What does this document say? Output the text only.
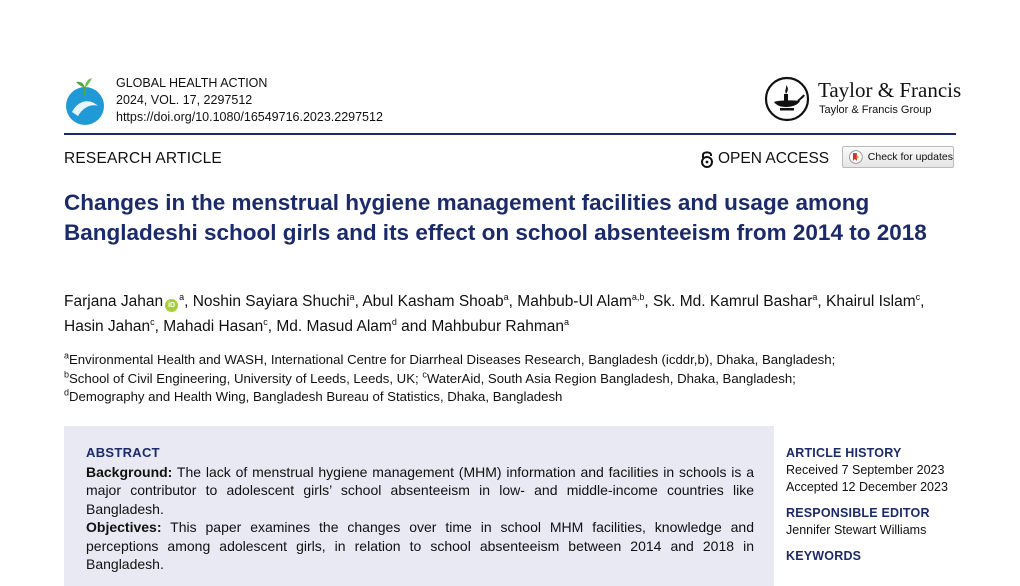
GLOBAL HEALTH ACTION
2024, VOL. 17, 2297512
https://doi.org/10.1080/16549716.2023.2297512
Taylor & Francis
Taylor & Francis Group
RESEARCH ARTICLE	OPEN ACCESS	Check for updates
Changes in the menstrual hygiene management facilities and usage among Bangladeshi school girls and its effect on school absenteeism from 2014 to 2018
Farjana Jahan $iD^a$, Noshin Sayiara Shuchi$^a$, Abul Kasham Shoab$^a$, Mahbub-Ul Alam$^{a,b}$, Sk. Md. Kamrul Bashar$^a$, Khairul Islam$^c$, Hasin Jahan$^c$, Mahadi Hasan$^c$, Md. Masud Alam$^d$ and Mahbubur Rahman$^a$
$^a$Environmental Health and WASH, International Centre for Diarrheal Diseases Research, Bangladesh (icddr,b), Dhaka, Bangladesh;
$^b$School of Civil Engineering, University of Leeds, Leeds, UK; $^c$WaterAid, South Asia Region Bangladesh, Dhaka, Bangladesh;
$^d$Demography and Health Wing, Bangladesh Bureau of Statistics, Dhaka, Bangladesh
ABSTRACT

Background: The lack of menstrual hygiene management (MHM) information and facilities in schools is a major contributor to adolescent girls’ school absenteeism in low- and middle-income countries like Bangladesh.

Objectives: This paper examines the changes over time in school MHM facilities, knowledge and perceptions among adolescent girls, in relation to school absenteeism between 2014 and 2018 in Bangladesh.

ARTICLE HISTORY
Received 7 September 2023
Accepted 12 December 2023
RESPONSIBLE EDITOR
Jennifer Stewart Williams
KEYWORDS
